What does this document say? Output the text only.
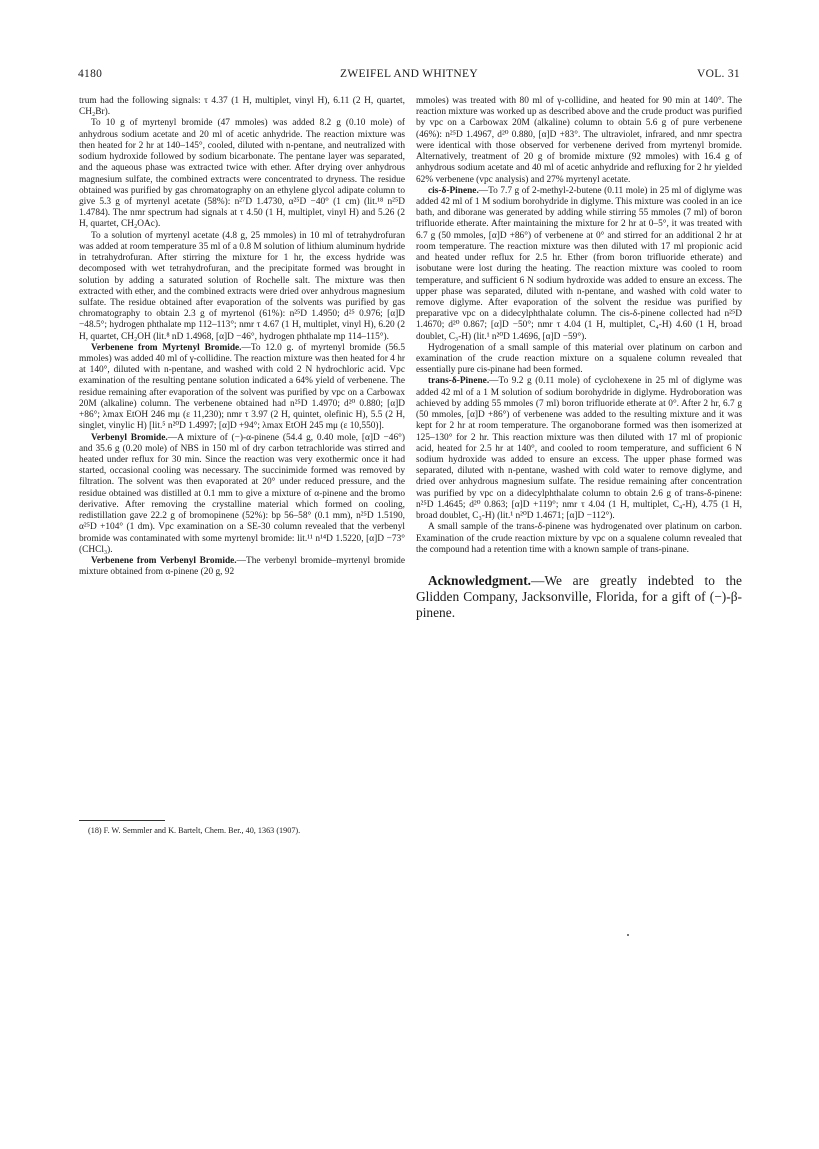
4180	ZWEIFEL AND WHITNEY	VOL. 31

trum had the following signals: τ 4.37 (1 H, multiplet, vinyl H), 6.11 (2 H, quartet, CH₂Br).

To 10 g of myrtenyl bromide (47 mmoles) was added 8.2 g (0.10 mole) of anhydrous sodium acetate and 20 ml of acetic anhydride. The reaction mixture was then heated for 2 hr at 140–145°, cooled, diluted with n-pentane, and neutralized with sodium hydroxide followed by sodium bicarbonate. The pentane layer was separated, and the aqueous phase was extracted twice with ether. After drying over anhydrous magnesium sulfate, the combined extracts were concentrated to dryness. The residue obtained was purified by gas chromatography on an ethylene glycol adipate column to give 5.3 g of myrtenyl acetate (58%): n²⁷D 1.4730, α²⁵D −40° (1 cm) (lit.¹⁸ n²⁵D 1.4784). The nmr spectrum had signals at τ 4.50 (1 H, multiplet, vinyl H) and 5.26 (2 H, quartet, CH₂OAc).

To a solution of myrtenyl acetate (4.8 g, 25 mmoles) in 10 ml of tetrahydrofuran was added at room temperature 35 ml of a 0.8 M solution of lithium aluminum hydride in tetrahydrofuran. After stirring the mixture for 1 hr, the excess hydride was decomposed with wet tetrahydrofuran, and the precipitate formed was brought in solution by adding a saturated solution of Rochelle salt. The mixture was then extracted with ether, and the combined extracts were dried over anhydrous magnesium sulfate. The residue obtained after evaporation of the solvents was purified by gas chromatography to obtain 2.3 g of myrtenol (61%): n²⁵D 1.4950; d²⁵ 0.976; [α]D −48.5°; hydrogen phthalate mp 112–113°; nmr τ 4.67 (1 H, multiplet, vinyl H), 6.20 (2 H, quartet, CH₂OH (lit.⁸ nD 1.4968, [α]D −46°, hydrogen phthalate mp 114–115°).

Verbenene from Myrtenyl Bromide.—To 12.0 g. of myrtenyl bromide (56.5 mmoles) was added 40 ml of γ-collidine. The reaction mixture was then heated for 4 hr at 140°, diluted with n-pentane, and washed with cold 2 N hydrochloric acid. Vpc examination of the resulting pentane solution indicated a 64% yield of verbenene. The residue remaining after evaporation of the solvent was purified by vpc on a Carbowax 20M (alkaline) column. The verbenene obtained had n²⁵D 1.4970; d²⁰ 0.880; [α]D +86°; λmax EtOH 246 mμ (ε 11,230); nmr τ 3.97 (2 H, quintet, olefinic H), 5.5 (2 H, singlet, vinylic H) [lit.⁵ n²⁰D 1.4997; [α]D +94°; λmax EtOH 245 mμ (ε 10,550)].

Verbenyl Bromide.—A mixture of (−)-α-pinene (54.4 g, 0.40 mole, [α]D −46°) and 35.6 g (0.20 mole) of NBS in 150 ml of dry carbon tetrachloride was stirred and heated under reflux for 30 min. Since the reaction was very exothermic once it had started, occasional cooling was necessary. The succinimide formed was removed by filtration. The solvent was then evaporated at 20° under reduced pressure, and the residue obtained was distilled at 0.1 mm to give a mixture of α-pinene and the bromo derivative. After removing the crystalline material which formed on cooling, redistillation gave 22.2 g of bromopinene (52%): bp 56–58° (0.1 mm), n²⁵D 1.5190, α²⁵D +104° (1 dm). Vpc examination on a SE-30 column revealed that the verbenyl bromide was contaminated with some myrtenyl bromide: lit.¹¹ n¹⁴D 1.5220, [α]D −73° (CHCl₃).

Verbenene from Verbenyl Bromide.—The verbenyl bromide–myrtenyl bromide mixture obtained from α-pinene (20 g, 92

(18) F. W. Semmler and K. Bartelt, Chem. Ber., 40, 1363 (1907).

mmoles) was treated with 80 ml of γ-collidine, and heated for 90 min at 140°. The reaction mixture was worked up as described above and the crude product was purified by vpc on a Carbowax 20M (alkaline) column to obtain 5.6 g of pure verbenene (46%): n²⁵D 1.4967, d²⁰ 0.880, [α]D +83°. The ultraviolet, infrared, and nmr spectra were identical with those observed for verbenene derived from myrtenyl bromide. Alternatively, treatment of 20 g of bromide mixture (92 mmoles) with 16.4 g of anhydrous sodium acetate and 40 ml of acetic anhydride and refluxing for 2 hr yielded 62% verbenene (vpc analysis) and 27% myrtenyl acetate.

cis-δ-Pinene.—To 7.7 g of 2-methyl-2-butene (0.11 mole) in 25 ml of diglyme was added 42 ml of 1 M sodium borohydride in diglyme. This mixture was cooled in an ice bath, and diborane was generated by adding while stirring 55 mmoles (7 ml) of boron trifluoride etherate. After maintaining the mixture for 2 hr at 0–5°, it was treated with 6.7 g (50 mmoles, [α]D +86°) of verbenene at 0° and stirred for an additional 2 hr at room temperature. The reaction mixture was then diluted with 17 ml propionic acid and heated under reflux for 2.5 hr. Ether (from boron trifluoride etherate) and isobutane were lost during the heating. The reaction mixture was cooled to room temperature, and sufficient 6 N sodium hydroxide was added to ensure an excess. The upper phase was separated, diluted with n-pentane, and washed with cold water to remove diglyme. After evaporation of the solvent the residue was purified by preparative vpc on a didecylphthalate column. The cis-δ-pinene collected had n²⁵D 1.4670; d²⁰ 0.867; [α]D −50°; nmr τ 4.04 (1 H, multiplet, C₄-H) 4.60 (1 H, broad doublet, C₃-H) (lit.¹ n²⁰D 1.4696, [α]D −59°).

Hydrogenation of a small sample of this material over platinum on carbon and examination of the crude reaction mixture on a squalene column revealed that essentially pure cis-pinane had been formed.

trans-δ-Pinene.—To 9.2 g (0.11 mole) of cyclohexene in 25 ml of diglyme was added 42 ml of a 1 M solution of sodium borohydride in diglyme. Hydroboration was achieved by adding 55 mmoles (7 ml) boron trifluoride etherate at 0°. After 2 hr, 6.7 g (50 mmoles, [α]D +86°) of verbenene was added to the resulting mixture and it was kept for 2 hr at room temperature. The organoborane formed was then isomerized at 125–130° for 2 hr. This reaction mixture was then diluted with 17 ml of propionic acid, heated for 2.5 hr at 140°, and cooled to room temperature, and sufficient 6 N sodium hydroxide was added to ensure an excess. The upper phase formed was separated, diluted with n-pentane, washed with cold water to remove diglyme, and dried over anhydrous magnesium sulfate. The residue remaining after concentration was purified by vpc on a didecylphthalate column to obtain 2.6 g of trans-δ-pinene: n²⁵D 1.4645; d²⁰ 0.863; [α]D +119°; nmr τ 4.04 (1 H, multiplet, C₄-H), 4.75 (1 H, broad doublet, C₃-H) (lit.¹ n²⁰D 1.4671; [α]D −112°).

A small sample of the trans-δ-pinene was hydrogenated over platinum on carbon. Examination of the crude reaction mixture by vpc on a squalene column revealed that the compound had a retention time with a known sample of trans-pinane.

Acknowledgment.—We are greatly indebted to the Glidden Company, Jacksonville, Florida, for a gift of (−)-β-pinene.
